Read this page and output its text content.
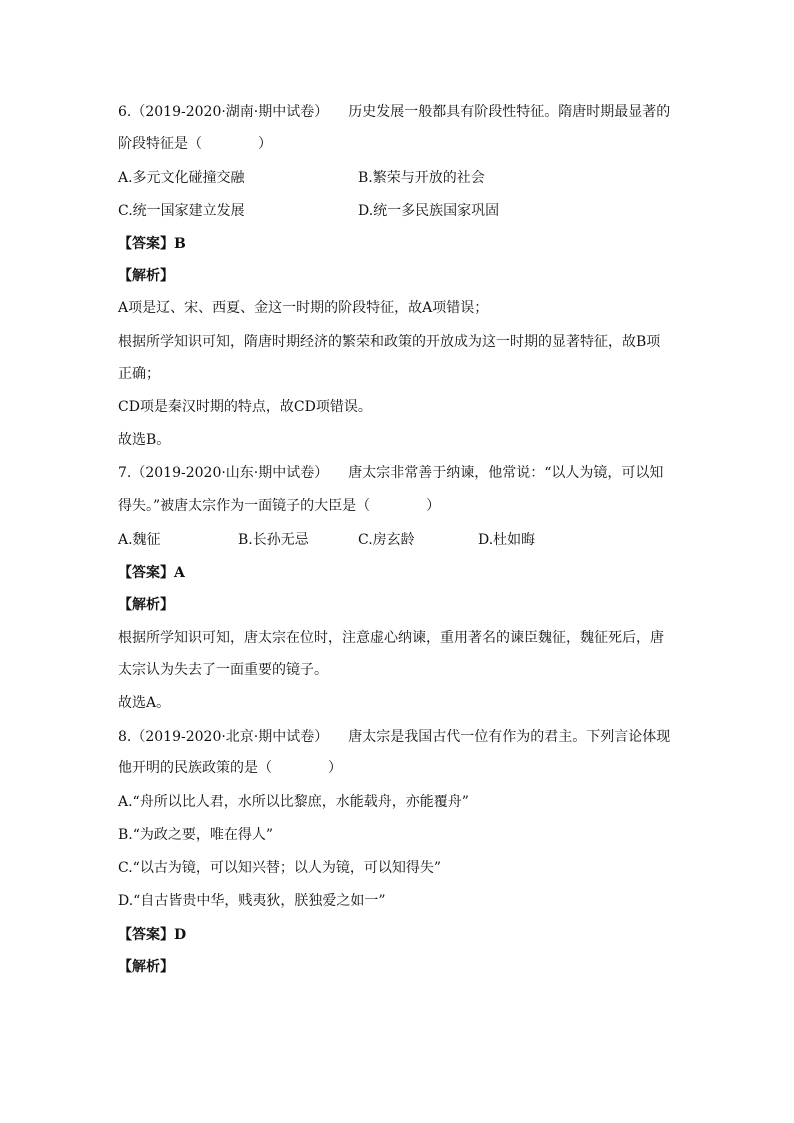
6.（2019-2020·湖南·期中试卷） 历史发展一般都具有阶段性特征。隋唐时期最显著的
阶段特征是（　　　　）
A.多元文化碰撞交融	B.繁荣与开放的社会
C.统一国家建立发展	D.统一多民族国家巩固
【答案】B
【解析】
A项是辽、宋、西夏、金这一时期的阶段特征，故A项错误；
根据所学知识可知，隋唐时期经济的繁荣和政策的开放成为这一时期的显著特征，故B项
正确；
CD项是秦汉时期的特点，故CD项错误。
故选B。
7.（2019-2020·山东·期中试卷） 唐太宗非常善于纳谏，他常说：“以人为镜，可以知
得失。”被唐太宗作为一面镜子的大臣是（　　　　）
A.魏征	B.长孙无忌	C.房玄龄	D.杜如晦
【答案】A
【解析】
根据所学知识可知，唐太宗在位时，注意虚心纳谏，重用著名的谏臣魏征，魏征死后，唐
太宗认为失去了一面重要的镜子。
故选A。
8.（2019-2020·北京·期中试卷） 唐太宗是我国古代一位有作为的君主。下列言论体现
他开明的民族政策的是（　　　　）
A.“舟所以比人君，水所以比黎庶，水能载舟，亦能覆舟”
B.“为政之要，唯在得人”
C.“以古为镜，可以知兴替；以人为镜，可以知得失”
D.“自古皆贵中华，贱夷狄，朕独爱之如一”
【答案】D
【解析】
